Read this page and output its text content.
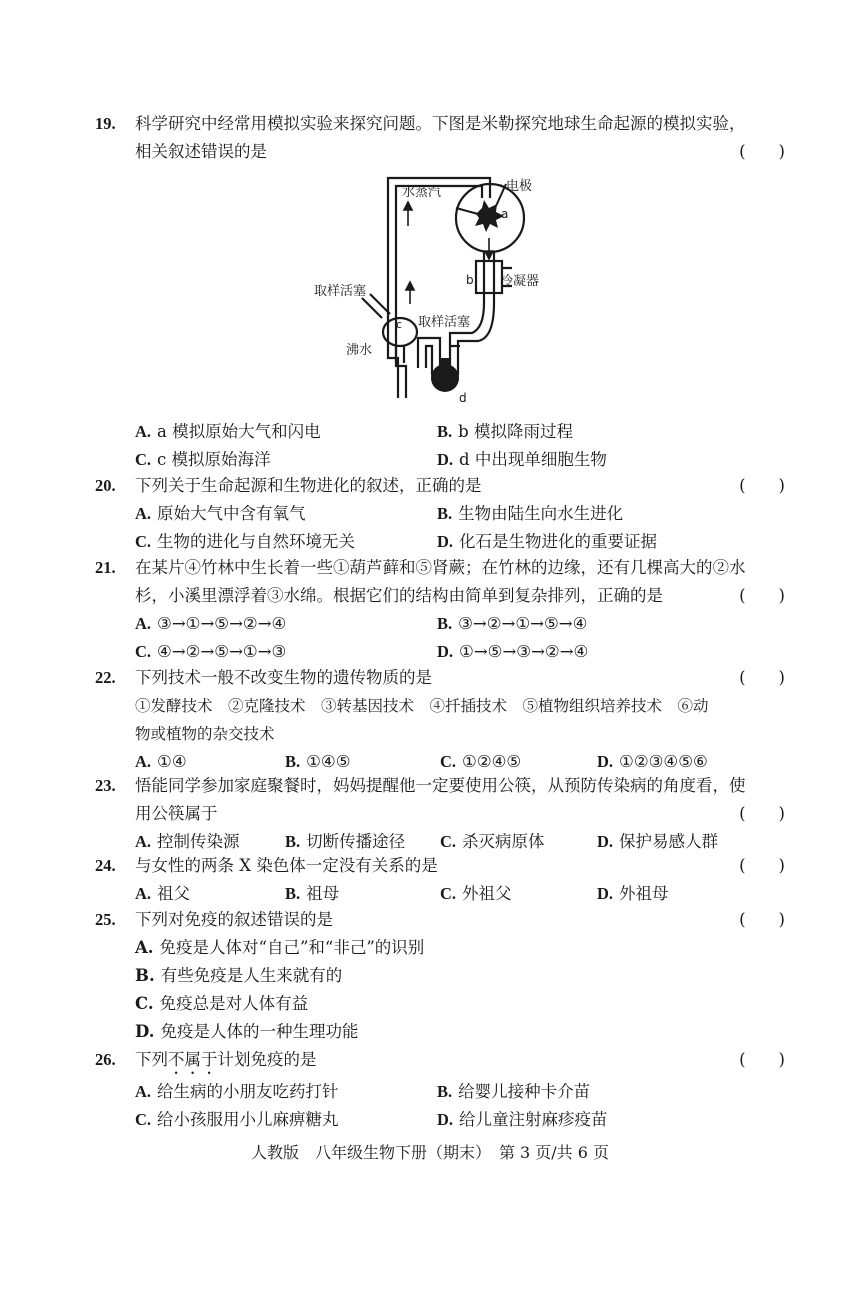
19. 科学研究中经常用模拟实验来探究问题。下图是米勒探究地球生命起源的模拟实验，
相关叙述错误的是	(　　)
水蒸汽	电极
a
b 冷凝器
取样活塞
取样活塞
c
沸水
d
A. a 模拟原始大气和闪电	B. b 模拟降雨过程
C. c 模拟原始海洋	D. d 中出现单细胞生物
20. 下列关于生命起源和生物进化的叙述，正确的是	(　　)
A. 原始大气中含有氧气	B. 生物由陆生向水生进化
C. 生物的进化与自然环境无关	D. 化石是生物进化的重要证据
21. 在某片④竹林中生长着一些①葫芦藓和⑤肾蕨；在竹林的边缘，还有几棵高大的②水
杉，小溪里漂浮着③水绵。根据它们的结构由简单到复杂排列，正确的是	(　　)
A. ③→①→⑤→②→④	B. ③→②→①→⑤→④
C. ④→②→⑤→①→③	D. ①→⑤→③→②→④
22. 下列技术一般不改变生物的遗传物质的是	(　　)
①发酵技术　②克隆技术　③转基因技术　④扦插技术　⑤植物组织培养技术　⑥动
物或植物的杂交技术
A. ①④	B. ①④⑤	C. ①②④⑤	D. ①②③④⑤⑥
23. 悟能同学参加家庭聚餐时，妈妈提醒他一定要使用公筷，从预防传染病的角度看，使
用公筷属于	(　　)
A. 控制传染源	B. 切断传播途径 C. 杀灭病原体	D. 保护易感人群
24. 与女性的两条 X 染色体一定没有关系的是	(　　)
A. 祖父	B. 祖母	C. 外祖父	D. 外祖母
25. 下列对免疫的叙述错误的是	(　　)
A. 免疫是人体对“自己”和“非己”的识别
B. 有些免疫是人生来就有的
C. 免疫总是对人体有益
D. 免疫是人体的一种生理功能
26. 下列不属于计划免疫的是	(　　)
A. 给生病的小朋友吃药打针	B. 给婴儿接种卡介苗
C. 给小孩服用小儿麻痹糖丸	D. 给儿童注射麻疹疫苗
人教版　八年级生物下册（期末）　第 3 页/共 6 页
